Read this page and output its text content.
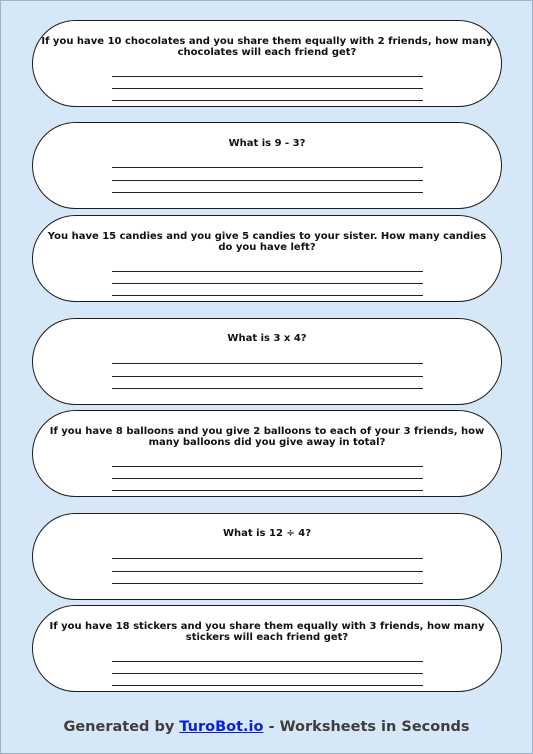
If you have 10 chocolates and you share them equally with 2 friends, how many chocolates will each friend get?

What is 9 - 3?

You have 15 candies and you give 5 candies to your sister. How many candies do you have left?

What is 3 x 4?

If you have 8 balloons and you give 2 balloons to each of your 3 friends, how many balloons did you give away in total?

What is 12 ÷ 4?

If you have 18 stickers and you share them equally with 3 friends, how many stickers will each friend get?

Generated by TuroBot.io - Worksheets in Seconds
